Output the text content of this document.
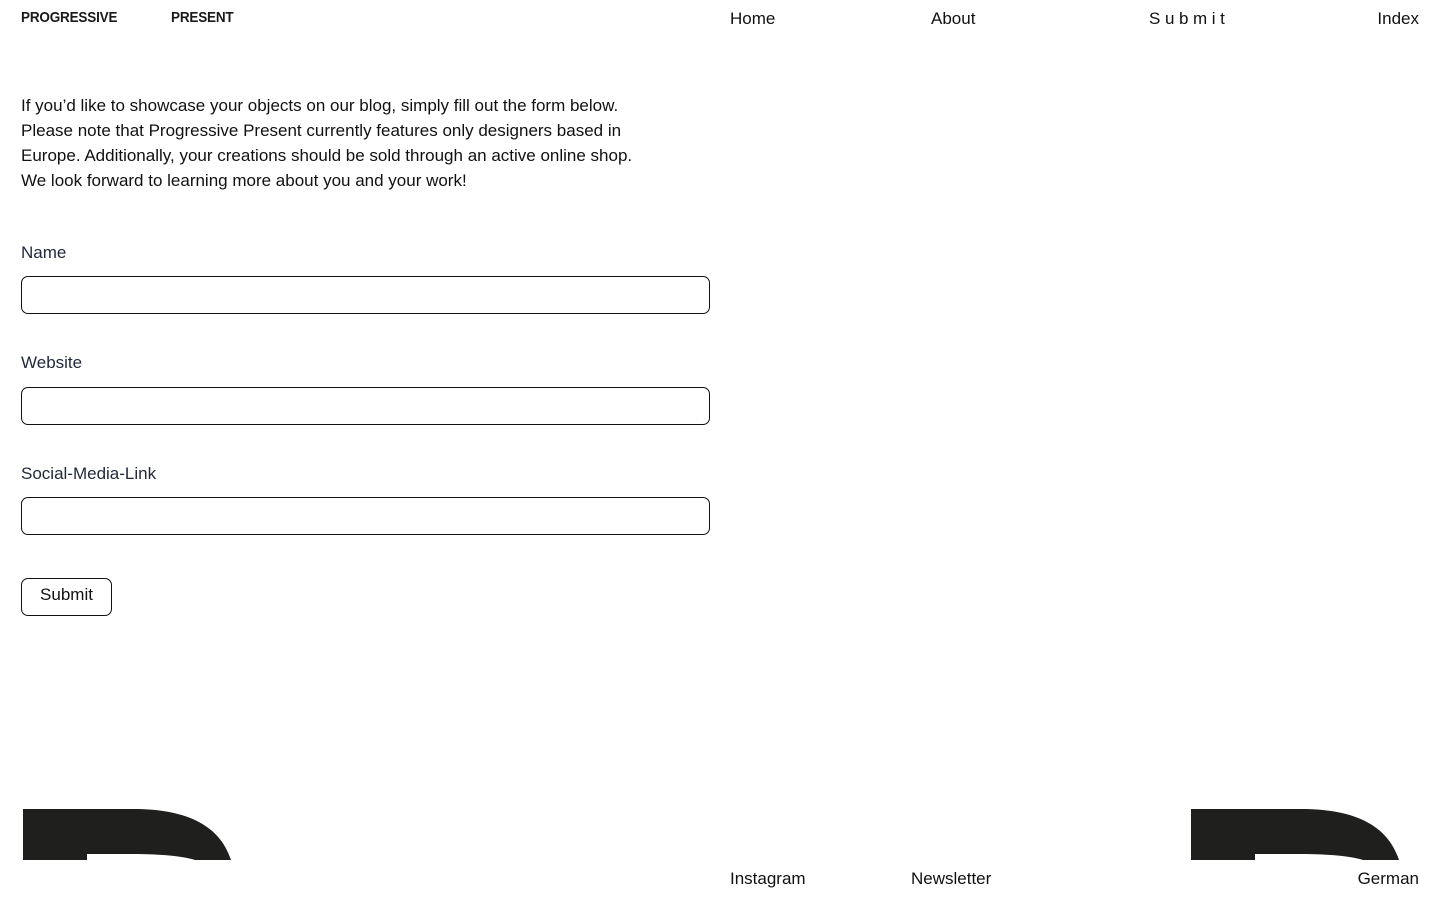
PROGRESSIVE	PRESENT	Home	About	Submit	Index
If you’d like to showcase your objects on our blog, simply fill out the form below.
Please note that Progressive Present currently features only designers based in
Europe. Additionally, your creations should be sold through an active online shop.
We look forward to learning more about you and your work!
Name
Website
Social-Media-Link
Submit
Instagram	Newsletter	German
